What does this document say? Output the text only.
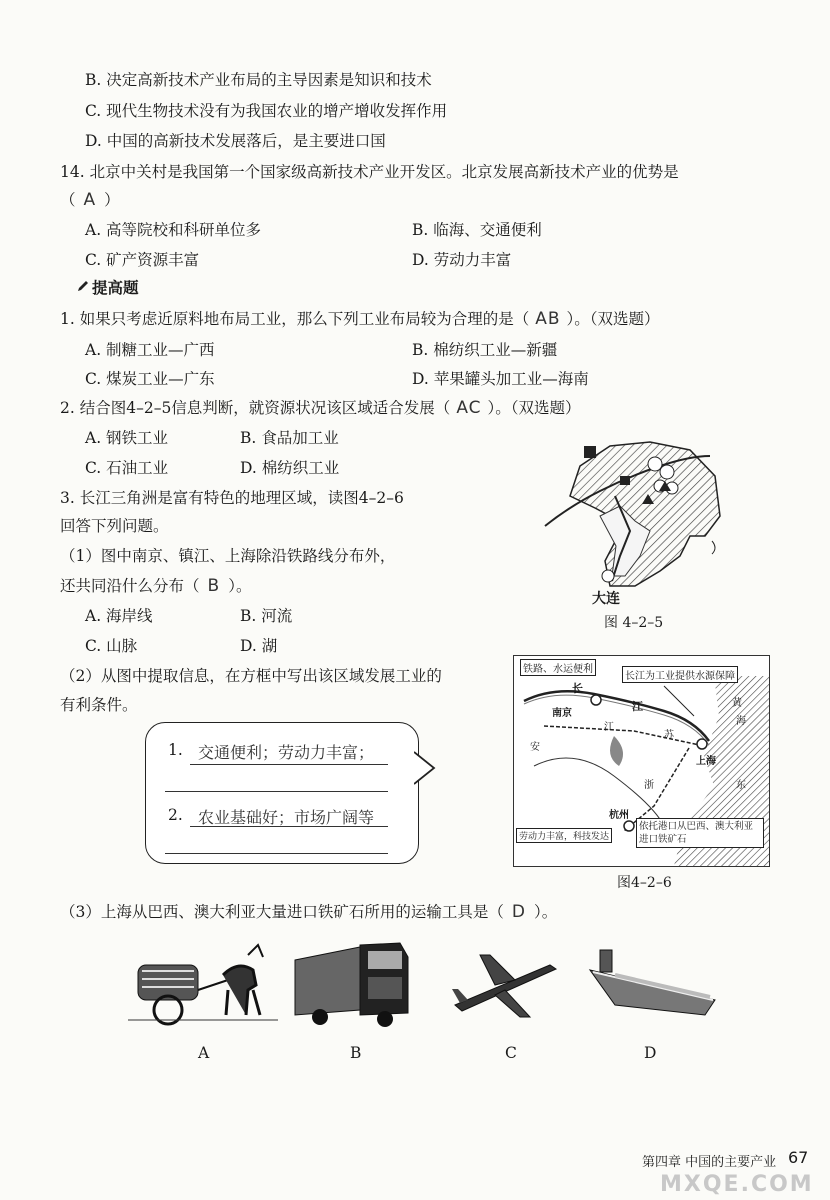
B. 决定高新技术产业布局的主导因素是知识和技术
C. 现代生物技术没有为我国农业的增产增收发挥作用
D. 中国的高新技术发展落后，是主要进口国
14. 北京中关村是我国第一个国家级高新技术产业开发区。北京发展高新技术产业的优势是
（ A ）
A. 高等院校和科研单位多	B. 临海、交通便利
C. 矿产资源丰富	D. 劳动力丰富
提高题
1. 如果只考虑近原料地布局工业，那么下列工业布局较为合理的是（ AB ）。（双选题）
A. 制糖工业—广西	B. 棉纺织工业—新疆
C. 煤炭工业—广东	D. 苹果罐头加工业—海南
2. 结合图4–2–5信息判断，就资源状况该区域适合发展（ AC ）。（双选题）
A. 钢铁工业	B. 食品加工业
C. 石油工业	D. 棉纺织工业
大连
图 4–2–5
3. 长江三角洲是富有特色的地理区域，读图4–2–6
回答下列问题。
（1）图中南京、镇江、上海除沿铁路线分布外，
还共同沿什么分布（ B ）。
A. 海岸线	B. 河流
C. 山脉	D. 湖
（2）从图中提取信息，在方框中写出该区域发展工业的
有利条件。
1. 交通便利；劳动力丰富；
2. 农业基础好；市场广阔等
铁路、水运便利
长江为工业提供水源保障
劳动力丰富，科技发达
依托港口从巴西、澳大利亚进口铁矿石
南京
上海
杭州
长
江
江
苏
浙
安
黄
海
东
图4–2–6
（3）上海从巴西、澳大利亚大量进口铁矿石所用的运输工具是（ D ）。
A	B	C	D
第四章 中国的主要产业 67
MXQE.COM
